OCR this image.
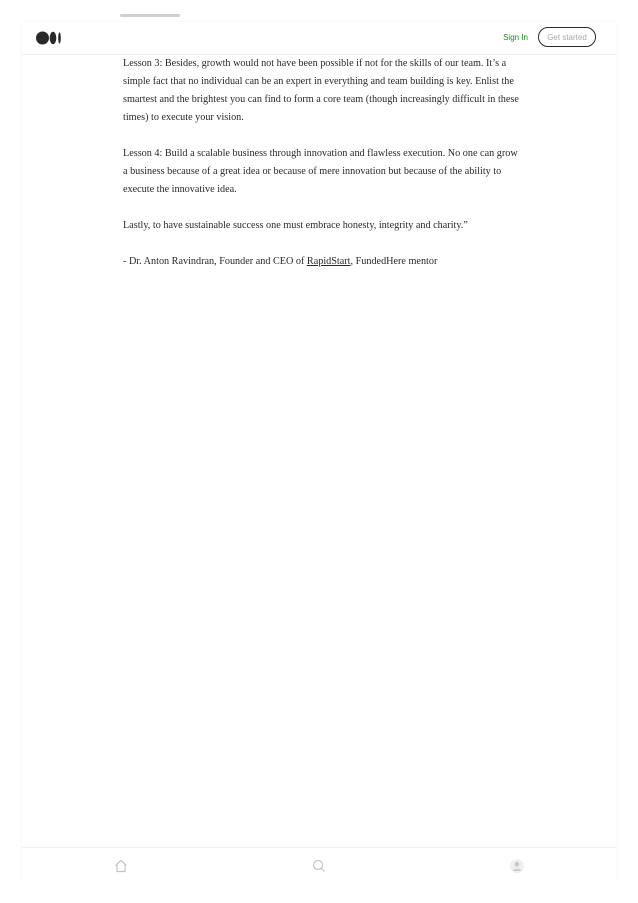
Sign In	Get started

Lesson 3: Besides, growth would not have been possible if not for the skills of our team. It’s a simple fact that no individual can be an expert in everything and team building is key. Enlist the smartest and the brightest you can find to form a core team (though increasingly difficult in these times) to execute your vision.

Lesson 4: Build a scalable business through innovation and flawless execution. No one can grow a business because of a great idea or because of mere innovation but because of the ability to execute the innovative idea.

Lastly, to have sustainable success one must embrace honesty, integrity and charity.”

- Dr. Anton Ravindran, Founder and CEO of RapidStart, FundedHere mentor
